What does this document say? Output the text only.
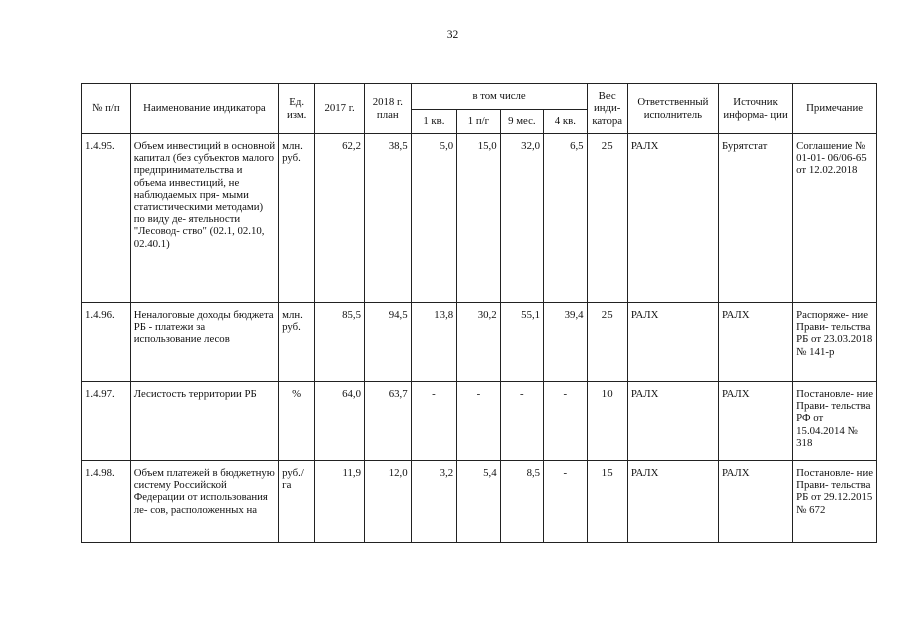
32
№ п/п	Наименование индикатора	Ед. изм.	2017 г.	2018 г. план	в том числе				Вес инди- катора	Ответственный исполнитель	Источник информа- ции	Примечание
					1 кв.	1 п/г	9 мес.	4 кв.				

1.4.95.	Объем инвестиций в основной капитал (без субъектов малого предпринимательства и объема инвестиций, не наблюдаемых пря- мыми статистическими методами) по виду де- ятельности "Лесовод- ство" (02.1, 02.10, 02.40.1)	млн. руб.	62,2	38,5	5,0	15,0	32,0	6,5	25	РАЛХ	Бурятстат	Соглашение № 01-01- 06/06-65 от 12.02.2018

1.4.96.	Неналоговые доходы бюджета РБ - платежи за использование лесов	млн. руб.	85,5	94,5	13,8	30,2	55,1	39,4	25	РАЛХ	РАЛХ	Распоряже- ние Прави- тельства РБ от 23.03.2018 № 141-р

1.4.97.	Лесистость территории РБ	%	64,0	63,7	-	-	-	-	10	РАЛХ	РАЛХ	Постановле- ние Прави- тельства РФ от 15.04.2014 № 318

1.4.98.	Объем платежей в бюджетную систему Российской Федерации от использования ле- сов, расположенных на	руб./ га	11,9	12,0	3,2	5,4	8,5	-	15	РАЛХ	РАЛХ	Постановле- ние Прави- тельства РБ от 29.12.2015 № 672
